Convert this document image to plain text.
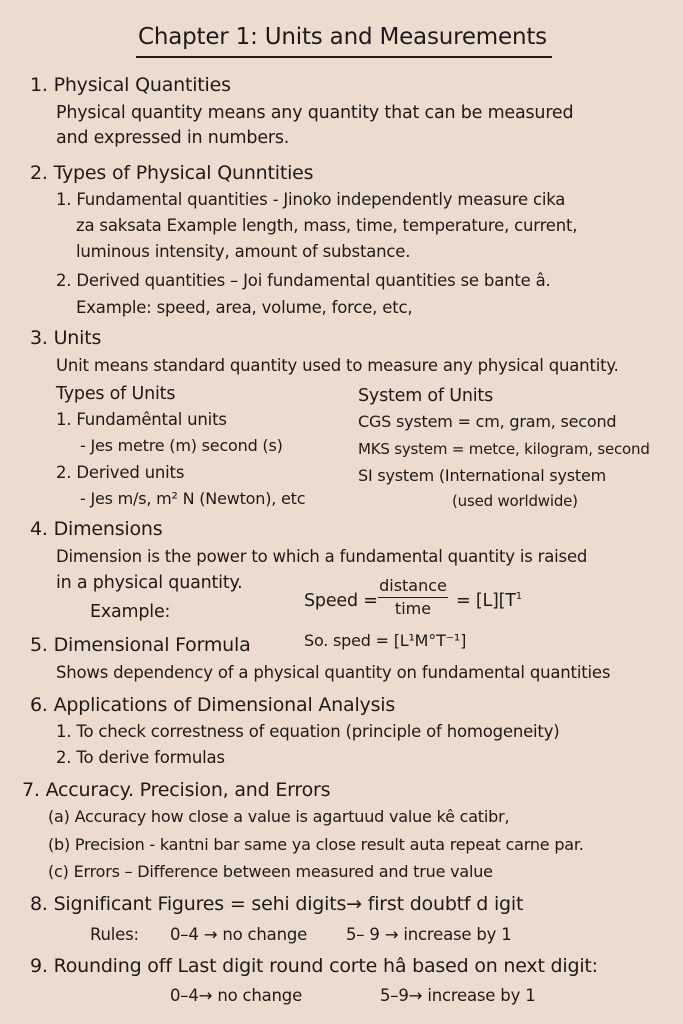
Chapter 1: Units and Measurements
1. Physical Quantities
Physical quantity means any quantity that can be measured
and expressed in numbers.
2. Types of Physical Qunntities
1. Fundamental quantities - Jinoko independently measure cika
za saksata Example length, mass, time, temperature, current,
luminous intensity, amount of substance.
2. Derived quantities – Joi fundamental quantities se bante â.
Example: speed, area, volume, force, etc,
3. Units
Unit means standard quantity used to measure any physical quantity.
Types of Units
1. Fundamêntal units
- Jes metre (m) second (s)
2. Derived units
- Jes m/s, m² N (Newton), etc
System of Units
CGS system = cm, gram, second
MKS system = metce, kilogram, second
SI system (International system
(used worldwide)
4. Dimensions
Dimension is the power to which a fundamental quantity is raised
in a physical quantity.
Example:
Speed =
distance
time	= $[L][T^1$
5. Dimensional Formula	So. sped = [L¹M°T⁻¹]
Shows dependency of a physical quantity on fundamental quantities
6. Applications of Dimensional Analysis
1. To check correstness of equation (principle of homogeneity)
2. To derive formulas
7. Accuracy. Precision, and Errors
(a) Accuracy how close a value is agartuud value kê catibr,
(b) Precision - kantni bar same ya close result auta repeat carne par.
(c) Errors – Difference between measured and true value
8. Significant Figures = sehi digits→ first doubtf d igit
Rules: 0–4 → no change 5– 9 → increase by 1
9. Rounding off Last digit round corte hâ based on next digit:
0–4→ no change	5–9→ increase by 1
